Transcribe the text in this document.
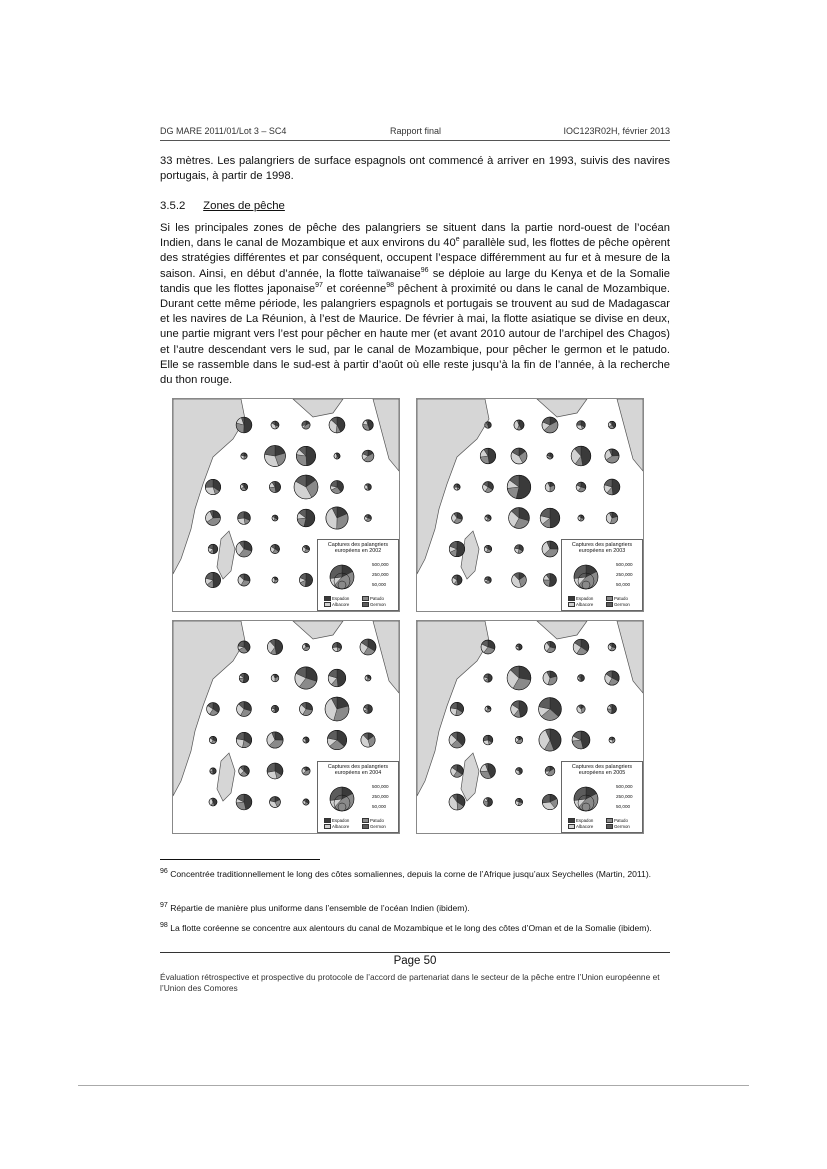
DG MARE 2011/01/Lot 3 – SC4	Rapport final	IOC123R02H, février 2013
33 mètres. Les palangriers de surface espagnols ont commencé à arriver en 1993, suivis des navires portugais, à partir de 1998.
3.5.2 Zones de pêche
Si les principales zones de pêche des palangriers se situent dans la partie nord-ouest de l’océan Indien, dans le canal de Mozambique et aux environs du 40e parallèle sud, les flottes de pêche opèrent des stratégies différentes et par conséquent, occupent l’espace différemment au fur et à mesure de la saison. Ainsi, en début d’année, la flotte taïwanaise$^{96}$ se déploie au large du Kenya et de la Somalie tandis que les flottes japonaise$^{97}$ et coréenne$^{98}$ pêchent à proximité ou dans le canal de Mozambique. Durant cette même période, les palangriers espagnols et portugais se trouvent au sud de Madagascar et les navires de La Réunion, à l’est de Maurice. De février à mai, la flotte asiatique se divise en deux, une partie migrant vers l’est pour pêcher en haute mer (et avant 2010 autour de l’archipel des Chagos) et l’autre descendant vers le sud, par le canal de Mozambique, pour pêcher le germon et le patudo. Elle se rassemble dans le sud-est à partir d’août où elle reste jusqu’à la fin de l’année, à la recherche du thon rouge.
Captures des palangriers européens en 2002
500,000
250,000
50,000
Espadon	Patudo
Albacore	Germon
Captures des palangriers européens en 2003
500,000
250,000
50,000
Espadon	Patudo
Albacore	Germon
Captures des palangriers européens en 2004
500,000
250,000
50,000
Espadon	Patudo
Albacore	Germon
Captures des palangriers européens en 2005
500,000
250,000
50,000
Espadon	Patudo
Albacore	Germon
$^{96}$ Concentrée traditionnellement le long des côtes somaliennes, depuis la corne de l’Afrique jusqu’aux Seychelles (Martin, 2011).
$^{97}$ Répartie de manière plus uniforme dans l’ensemble de l’océan Indien (ibidem).
$^{98}$ La flotte coréenne se concentre aux alentours du canal de Mozambique et le long des côtes d’Oman et de la Somalie (ibidem).
Page 50
Évaluation rétrospective et prospective du protocole de l’accord de partenariat dans le secteur de la pêche entre l’Union européenne et l’Union des Comores
